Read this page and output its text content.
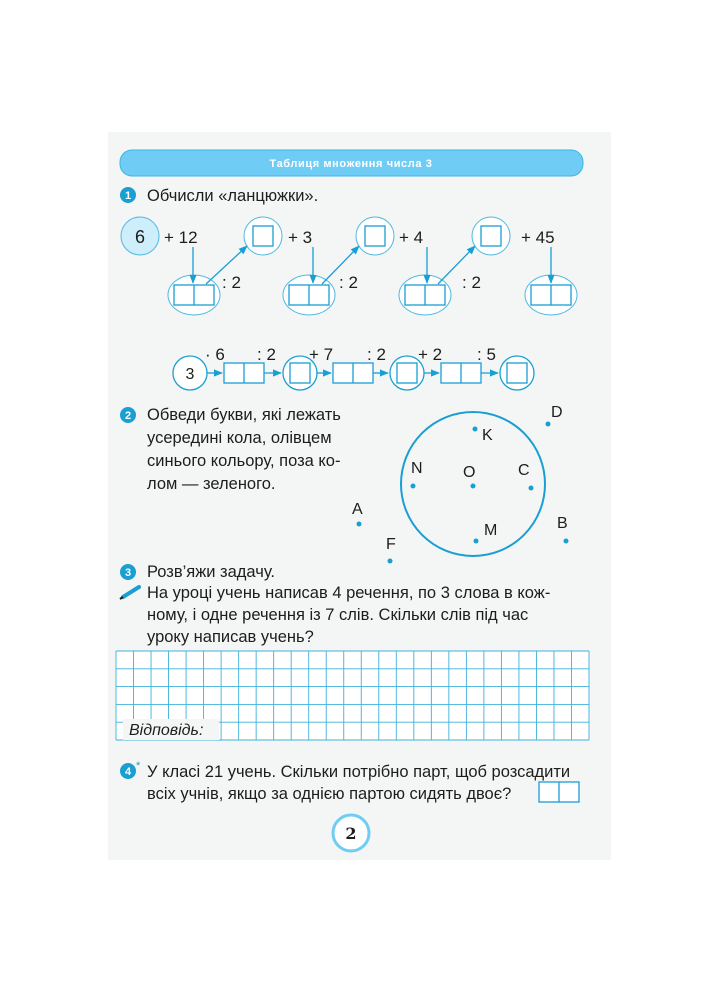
Таблиця множення числа 3
1 Обчисли «ланцюжки».
6 + 12	+ 3	+ 4	+ 45
: 2	: 2	: 2
3
· 6 : 2 + 7 : 2 + 2 : 5
2 Обведи букви, які лежать
усередині кола, олівцем
синього кольору, поза ко-
лом — зеленого.
D
K
N	O	C
A
M	B
F
3 Розв’яжи задачу.
На уроці учень написав 4 речення, по 3 слова в кож-
ному, і одне речення із 7 слів. Скільки слів під час
уроку написав учень?
Відповідь:
4 * У класі 21 учень. Скільки потрібно парт, щоб розсадити
всіх учнів, якщо за однією партою сидять двоє?
2
